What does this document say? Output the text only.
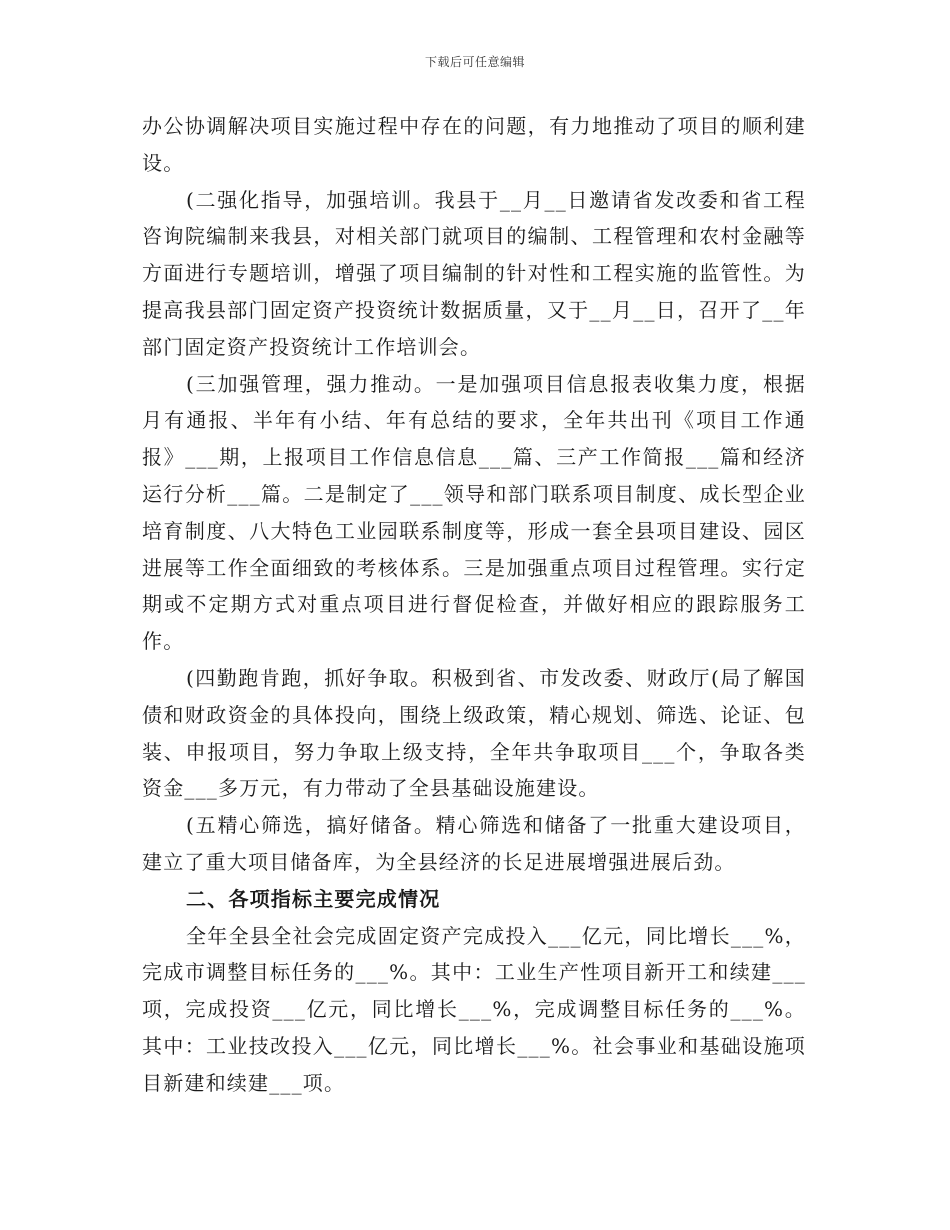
下载后可任意编辑

办公协调解决项目实施过程中存在的问题，有力地推动了项目的顺利建设。

(二强化指导，加强培训。我县于__月__日邀请省发改委和省工程咨询院编制来我县，对相关部门就项目的编制、工程管理和农村金融等方面进行专题培训，增强了项目编制的针对性和工程实施的监管性。为提高我县部门固定资产投资统计数据质量，又于__月__日，召开了__年部门固定资产投资统计工作培训会。

(三加强管理，强力推动。一是加强项目信息报表收集力度，根据月有通报、半年有小结、年有总结的要求，全年共出刊《项目工作通报》___期，上报项目工作信息信息___篇、三产工作简报___篇和经济运行分析___篇。二是制定了___领导和部门联系项目制度、成长型企业培育制度、八大特色工业园联系制度等，形成一套全县项目建设、园区进展等工作全面细致的考核体系。三是加强重点项目过程管理。实行定期或不定期方式对重点项目进行督促检查，并做好相应的跟踪服务工作。

(四勤跑肯跑，抓好争取。积极到省、市发改委、财政厅(局了解国债和财政资金的具体投向，围绕上级政策，精心规划、筛选、论证、包装、申报项目，努力争取上级支持，全年共争取项目___个，争取各类资金___多万元，有力带动了全县基础设施建设。

(五精心筛选，搞好储备。精心筛选和储备了一批重大建设项目，建立了重大项目储备库，为全县经济的长足进展增强进展后劲。

二、各项指标主要完成情况

全年全县全社会完成固定资产完成投入___亿元，同比增长___%，完成市调整目标任务的___%。其中：工业生产性项目新开工和续建___项，完成投资___亿元，同比增长___%，完成调整目标任务的___%。其中：工业技改投入___亿元，同比增长___%。社会事业和基础设施项目新建和续建___项。
